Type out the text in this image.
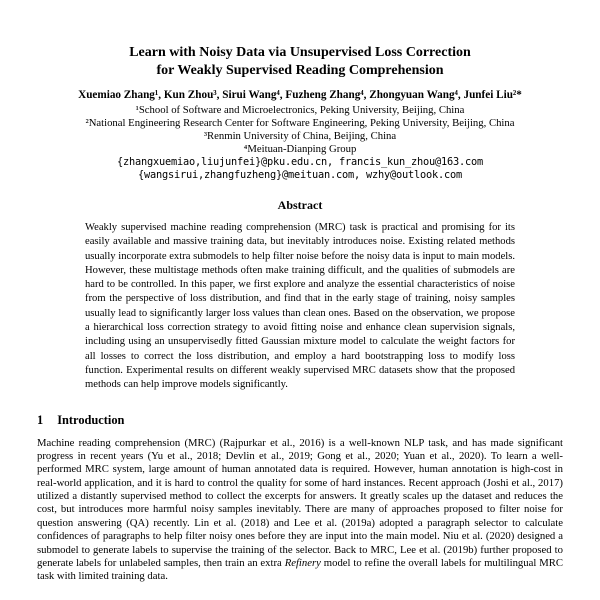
Learn with Noisy Data via Unsupervised Loss Correction
for Weakly Supervised Reading Comprehension
Xuemiao Zhang¹, Kun Zhou³, Sirui Wang⁴, Fuzheng Zhang⁴, Zhongyuan Wang⁴, Junfei Liu²*
¹School of Software and Microelectronics, Peking University, Beijing, China
²National Engineering Research Center for Software Engineering, Peking University, Beijing, China
³Renmin University of China, Beijing, China
⁴Meituan-Dianping Group
{zhangxuemiao,liujunfei}@pku.edu.cn, francis_kun_zhou@163.com
{wangsirui,zhangfuzheng}@meituan.com, wzhy@outlook.com
Abstract

Weakly supervised machine reading comprehension (MRC) task is practical and promising for its easily available and massive training data, but inevitably introduces noise. Existing related methods usually incorporate extra submodels to help filter noise before the noisy data is input to main models. However, these multistage methods often make training difficult, and the qualities of submodels are hard to be controlled. In this paper, we first explore and analyze the essential characteristics of noise from the perspective of loss distribution, and find that in the early stage of training, noisy samples usually lead to significantly larger loss values than clean ones. Based on the observation, we propose a hierarchical loss correction strategy to avoid fitting noise and enhance clean supervision signals, including using an unsupervisedly fitted Gaussian mixture model to calculate the weight factors for all losses to correct the loss distribution, and employ a hard bootstrapping loss to modify loss function. Experimental results on different weakly supervised MRC datasets show that the proposed methods can help improve models significantly.

1 Introduction

Machine reading comprehension (MRC) (Rajpurkar et al., 2016) is a well-known NLP task, and has made significant progress in recent years (Yu et al., 2018; Devlin et al., 2019; Gong et al., 2020; Yuan et al., 2020). To learn a well-performed MRC system, large amount of human annotated data is required. However, human annotation is high-cost in real-world application, and it is hard to control the quality for some of hard instances. Recent approach (Joshi et al., 2017) utilized a distantly supervised method to collect the excerpts for answers. It greatly scales up the dataset and reduces the cost, but introduces more harmful noisy samples inevitably. There are many of approaches proposed to filter noise for question answering (QA) recently. Lin et al. (2018) and Lee et al. (2019a) adopted a paragraph selector to calculate confidences of paragraphs to help filter noisy ones before they are input into the main model. Niu et al. (2020) designed a submodel to generate labels to supervise the training of the selector. Back to MRC, Lee et al. (2019b) further proposed to generate labels for unlabeled samples, then train an extra Refinery model to refine the overall labels for multilingual MRC task with limited training data.
